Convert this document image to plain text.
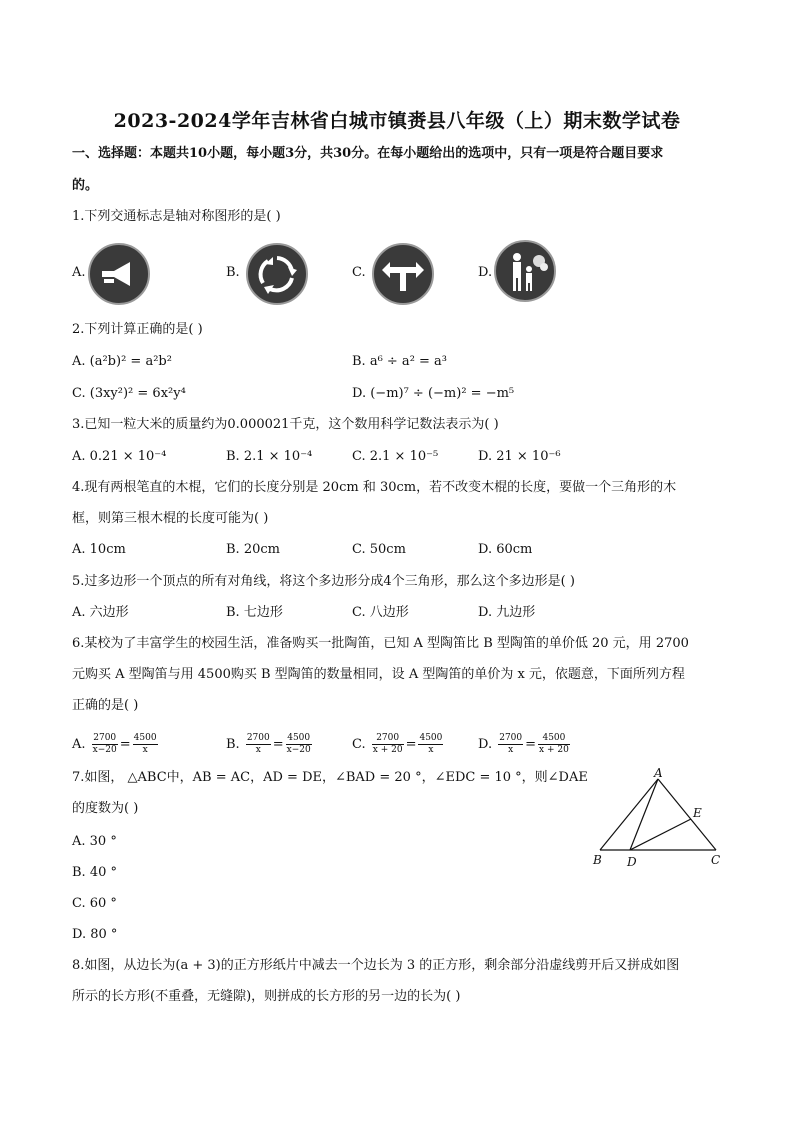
2023-2024学年吉林省白城市镇赉县八年级（上）期末数学试卷
一、选择题：本题共10小题，每小题3分，共30分。在每小题给出的选项中，只有一项是符合题目要求
的。
1.下列交通标志是轴对称图形的是( )
A.	B.	C.	D.
2.下列计算正确的是( )
A. (a²b)² = a²b²	B. a⁶ ÷ a² = a³
C. (3xy²)² = 6x²y⁴	D. (−m)⁷ ÷ (−m)² = −m⁵
3.已知一粒大米的质量约为0.000021千克，这个数用科学记数法表示为( )
A. 0.21 × 10⁻⁴	B. 2.1 × 10⁻⁴	C. 2.1 × 10⁻⁵	D. 21 × 10⁻⁶
4.现有两根笔直的木棍，它们的长度分别是 20cm 和 30cm，若不改变木棍的长度，要做一个三角形的木
框，则第三根木棍的长度可能为( )
A. 10cm	B. 20cm	C. 50cm	D. 60cm
5.过多边形一个顶点的所有对角线，将这个多边形分成4个三角形，那么这个多边形是( )
A. 六边形	B. 七边形	C. 八边形	D. 九边形
6.某校为了丰富学生的校园生活，准备购买一批陶笛，已知 A 型陶笛比 B 型陶笛的单价低 20 元，用 2700
元购买 A 型陶笛与用 4500购买 B 型陶笛的数量相同，设 A 型陶笛的单价为 x 元，依题意，下面所列方程
正确的是( )
A. $\frac{2700}{x-20} = \frac{4500}{x}$	B. $\frac{2700}{x} = \frac{4500}{x-20}$	C. $\frac{2700}{x + 20} = \frac{4500}{x}$	D. $\frac{2700}{x} = \frac{4500}{x + 20}$
7.如图， △ABC中，AB = AC，AD = DE，∠BAD = 20 °，∠EDC = 10 °，则∠DAE
的度数为( )
A. 30 °
B. 40 °
C. 60 °
D. 80 °
A
B D	C
E
8.如图，从边长为(a + 3)的正方形纸片中减去一个边长为 3 的正方形，剩余部分沿虚线剪开后又拼成如图
所示的长方形(不重叠，无缝隙)，则拼成的长方形的另一边的长为( )
